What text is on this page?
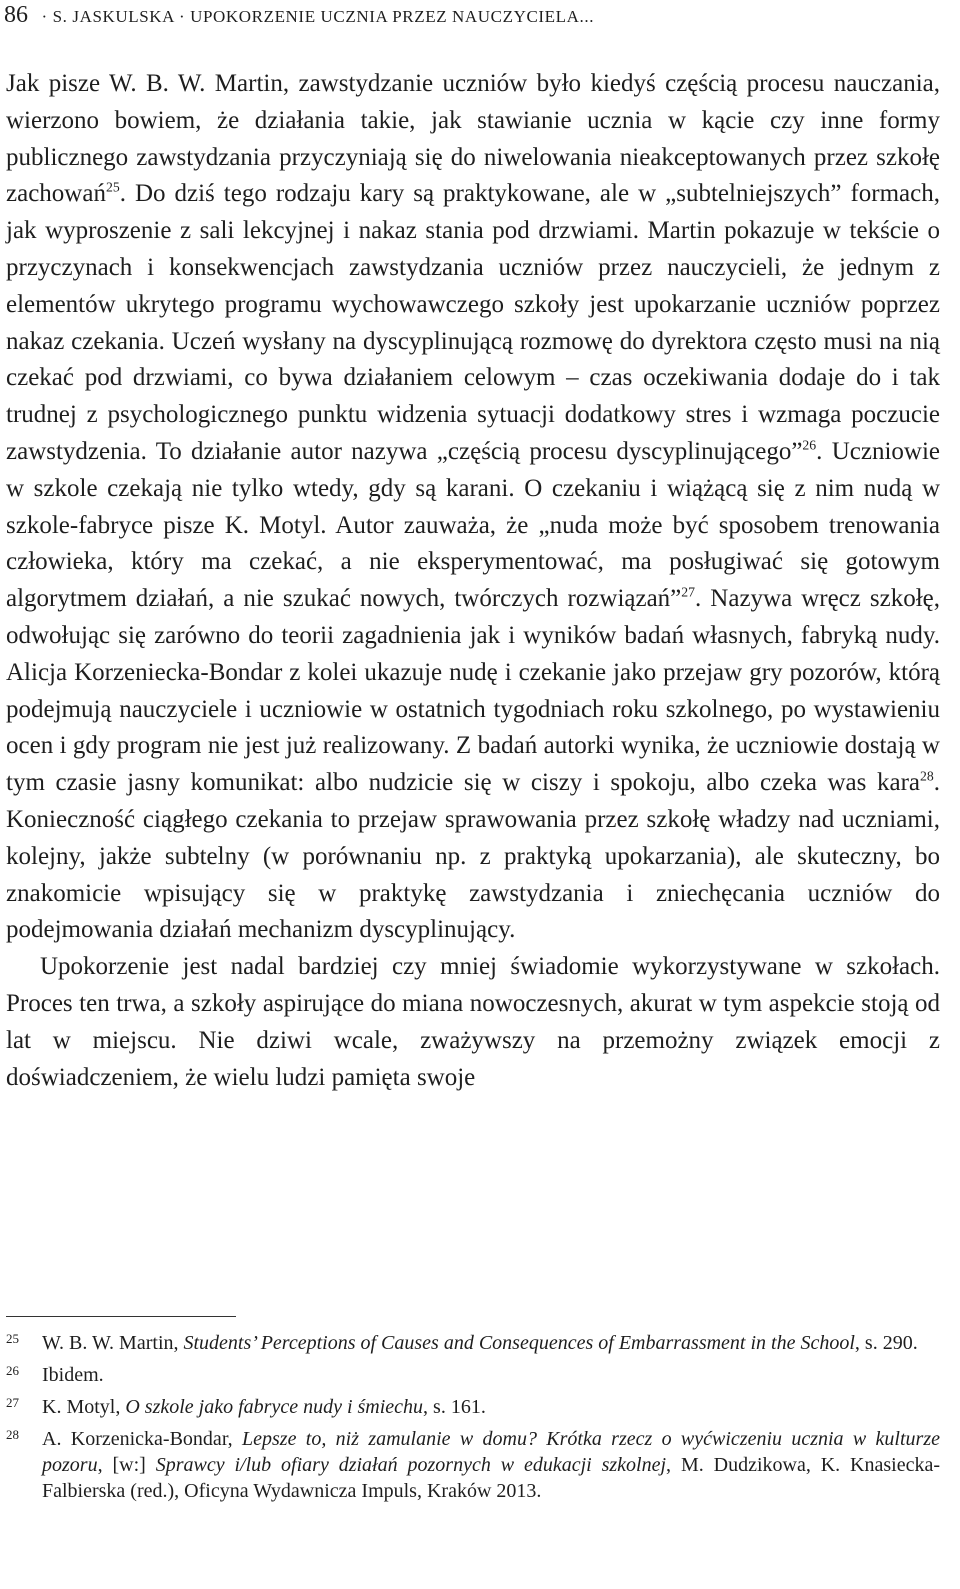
86 · S. JASKULSKA · UPOKORZENIE UCZNIA PRZEZ NAUCZYCIELA...

Jak pisze W. B. W. Martin, zawstydzanie uczniów było kiedyś częścią procesu nauczania, wierzono bowiem, że działania takie, jak stawianie ucznia w kącie czy inne formy publicznego zawstydzania przyczyniają się do niwelowania nieakceptowanych przez szkołę zachowań$^{25}$. Do dziś tego rodzaju kary są praktykowane, ale w „subtelniejszych” formach, jak wyproszenie z sali lekcyjnej i nakaz stania pod drzwiami. Martin pokazuje w tekście o przyczynach i konsekwencjach zawstydzania uczniów przez nauczycieli, że jednym z elementów ukrytego programu wychowawczego szkoły jest upokarzanie uczniów poprzez nakaz czekania. Uczeń wysłany na dyscyplinującą rozmowę do dyrektora często musi na nią czekać pod drzwiami, co bywa działaniem celowym – czas oczekiwania dodaje do i tak trudnej z psychologicznego punktu widzenia sytuacji dodatkowy stres i wzmaga poczucie zawstydzenia. To działanie autor nazywa „częścią procesu dyscyplinującego”$^{26}$. Uczniowie w szkole czekają nie tylko wtedy, gdy są karani. O czekaniu i wiążącą się z nim nudą w szkole-fabryce pisze K. Motyl. Autor zauważa, że „nuda może być sposobem trenowania człowieka, który ma czekać, a nie eksperymentować, ma posługiwać się gotowym algorytmem działań, a nie szukać nowych, twórczych rozwiązań”$^{27}$. Nazywa wręcz szkołę, odwołując się zarówno do teorii zagadnienia jak i wyników badań własnych, fabryką nudy. Alicja Korzeniecka-Bondar z kolei ukazuje nudę i czekanie jako przejaw gry pozorów, którą podejmują nauczyciele i uczniowie w ostatnich tygodniach roku szkolnego, po wystawieniu ocen i gdy program nie jest już realizowany. Z badań autorki wynika, że uczniowie dostają w tym czasie jasny komunikat: albo nudzicie się w ciszy i spokoju, albo czeka was kara$^{28}$. Konieczność ciągłego czekania to przejaw sprawowania przez szkołę władzy nad uczniami, kolejny, jakże subtelny (w porównaniu np. z praktyką upokarzania), ale skuteczny, bo znakomicie wpisujący się w praktykę zawstydzania i zniechęcania uczniów do podejmowania działań mechanizm dyscyplinujący.

Upokorzenie jest nadal bardziej czy mniej świadomie wykorzystywane w szkołach. Proces ten trwa, a szkoły aspirujące do miana nowoczesnych, akurat w tym aspekcie stoją od lat w miejscu. Nie dziwi wcale, zważywszy na przemożny związek emocji z doświadczeniem, że wielu ludzi pamięta swoje

25 W. B. W. Martin, Students’ Perceptions of Causes and Consequences of Embarrassment in the School, s. 290.
26 Ibidem.
27 K. Motyl, O szkole jako fabryce nudy i śmiechu, s. 161.
28 A. Korzenicka-Bondar, Lepsze to, niż zamulanie w domu? Krótka rzecz o wyćwiczeniu ucznia w kulturze pozoru, [w:] Sprawcy i/lub ofiary działań pozornych w edukacji szkolnej, M. Dudzikowa, K. Knasiecka-Falbierska (red.), Oficyna Wydawnicza Impuls, Kraków 2013.
